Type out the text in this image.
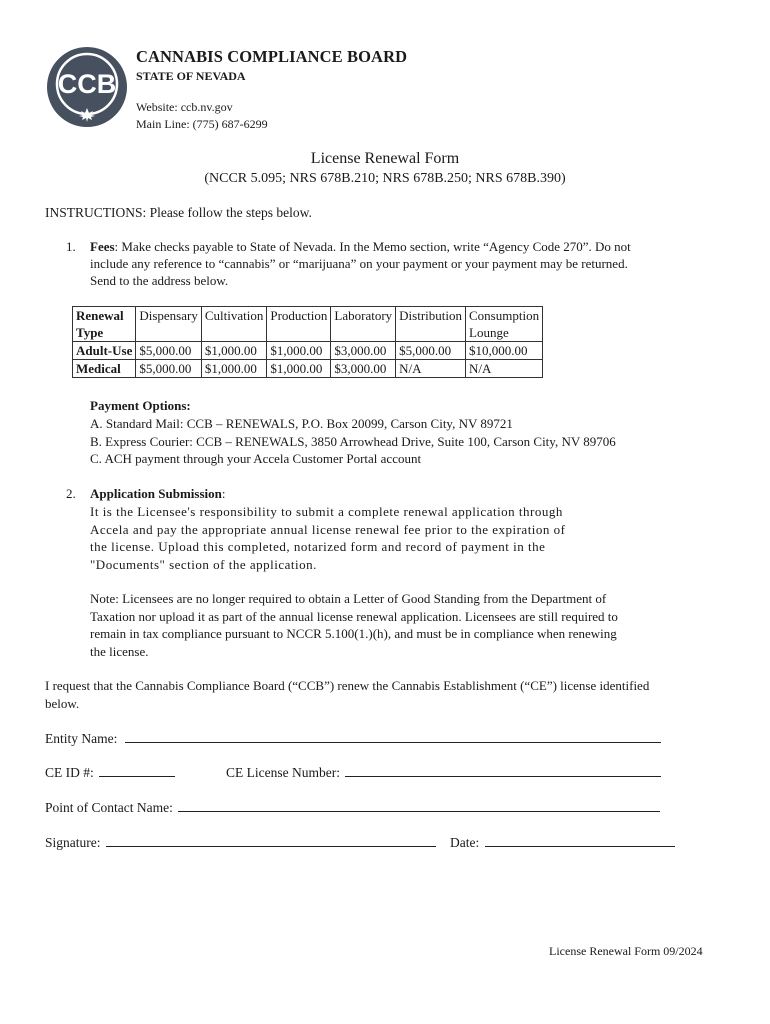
CCB
CANNABIS COMPLIANCE BOARD
STATE OF NEVADA
Website: ccb.nv.gov
Main Line: (775) 687-6299
License Renewal Form
(NCCR 5.095; NRS 678B.210; NRS 678B.250; NRS 678B.390)
INSTRUCTIONS: Please follow the steps below.
1. Fees: Make checks payable to State of Nevada. In the Memo section, write “Agency Code 270”. Do not
include any reference to “cannabis” or “marijuana” on your payment or your payment may be returned.
Send to the address below.
Renewal	Dispensary	Cultivation	Production	Laboratory	Distribution	Consumption
Type						Lounge
Adult-Use	$5,000.00	$1,000.00	$1,000.00	$3,000.00	$5,000.00	$10,000.00
Medical	$5,000.00	$1,000.00	$1,000.00	$3,000.00	N/A	N/A
Payment Options:
A. Standard Mail: CCB – RENEWALS, P.O. Box 20099, Carson City, NV 89721
B. Express Courier: CCB – RENEWALS, 3850 Arrowhead Drive, Suite 100, Carson City, NV 89706
C. ACH payment through your Accela Customer Portal account
2. Application Submission:
It is the Licensee's responsibility to submit a complete renewal application through
Accela and pay the appropriate annual license renewal fee prior to the expiration of
the license. Upload this completed, notarized form and record of payment in the
"Documents" section of the application.
Note: Licensees are no longer required to obtain a Letter of Good Standing from the Department of
Taxation nor upload it as part of the annual license renewal application. Licensees are still required to
remain in tax compliance pursuant to NCCR 5.100(1.)(h), and must be in compliance when renewing
the license.
I request that the Cannabis Compliance Board (“CCB”) renew the Cannabis Establishment (“CE”) license identified
below.
Entity Name:
CE ID #:	CE License Number:
Point of Contact Name:
Signature:	Date:
License Renewal Form 09/2024
